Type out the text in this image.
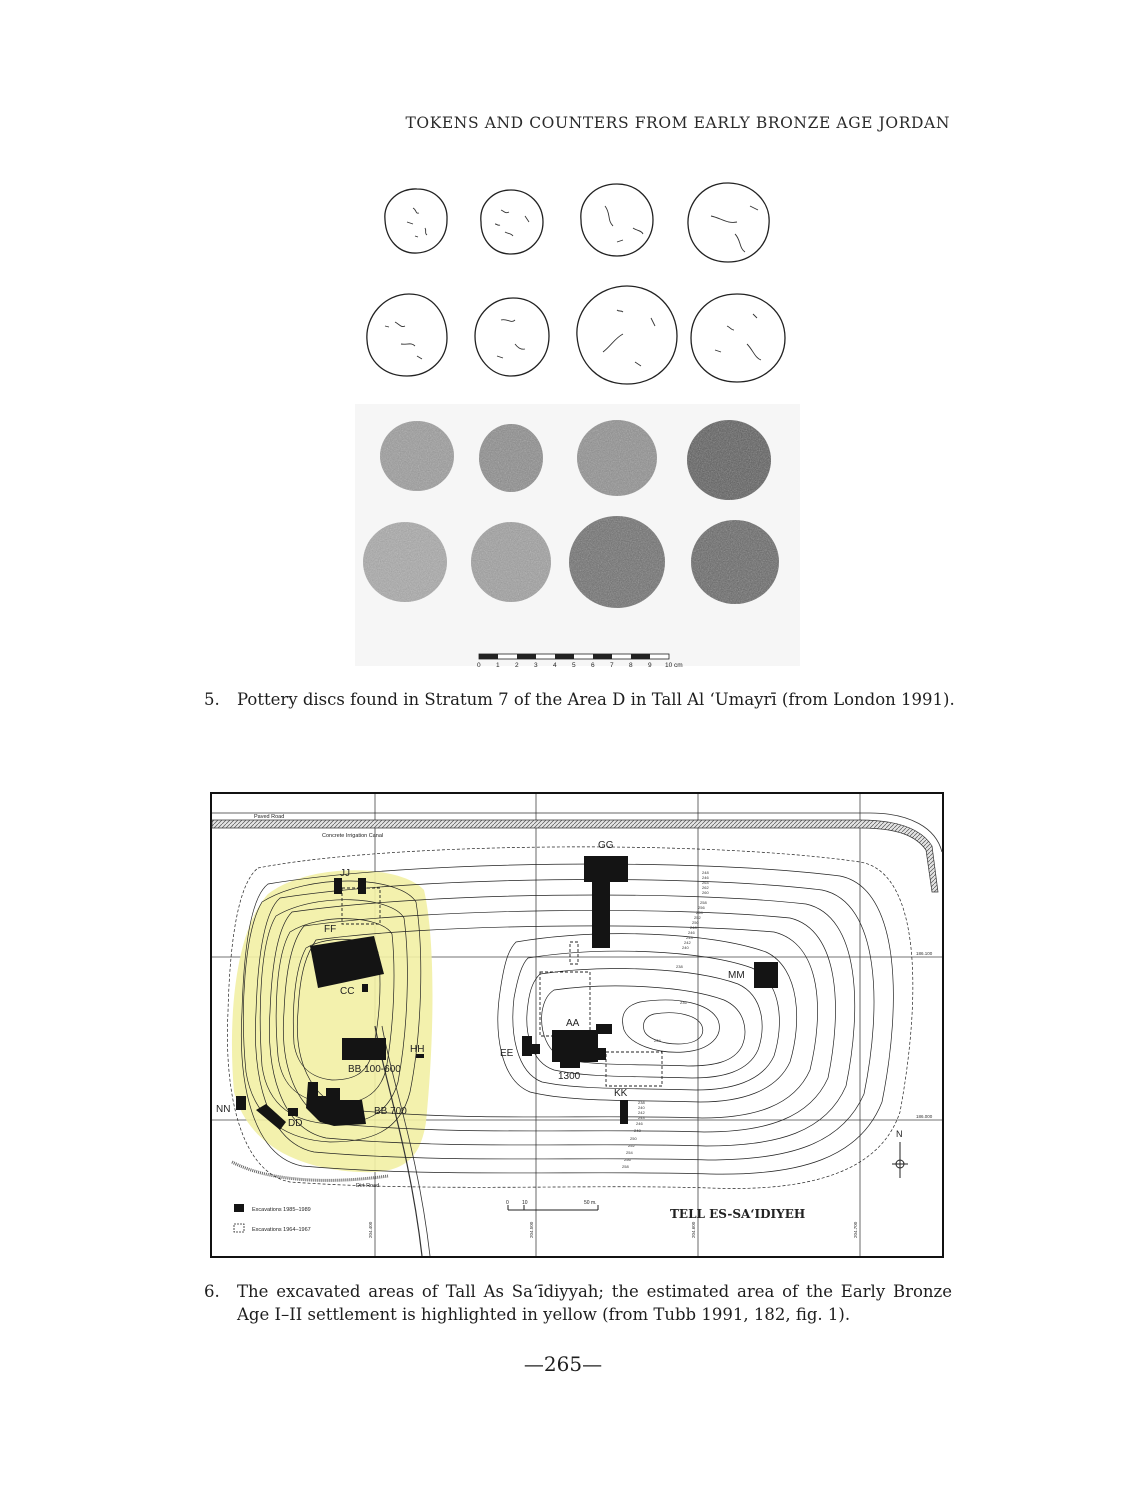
TOKENS AND COUNTERS FROM EARLY BRONZE AGE JORDAN
0 1 2 3 4 5 6 7 8 9 10 cm
5. Pottery discs found in Stratum 7 of the Area D in Tall Al ‘Umayrī (from London 1991).
Paved Road
Concrete Irrigation Canal
Dirt Road
GG
JJ
FF
CC
MM
AA
EE
1300
HH
BB 100-600
KK
NN
DD
BB 700
204.400	204.500	204.600	204.700
186.100
186.000
248
246
264
262
260
258
256
254
252
250
248
246
244
242
240
238
240
242
244
246
248
250
252
254
256
258
238
236
234
N
Excavations 1985–1989
Excavations 1964–1967
0	10	50 m.
TELL ES-SA‘IDIYEH
6. The excavated areas of Tall As Sa‘īdiyyah; the estimated area of the Early Bronze Age I–II settlement is highlighted in yellow (from Tubb 1991, 182, fig. 1).
—265—
